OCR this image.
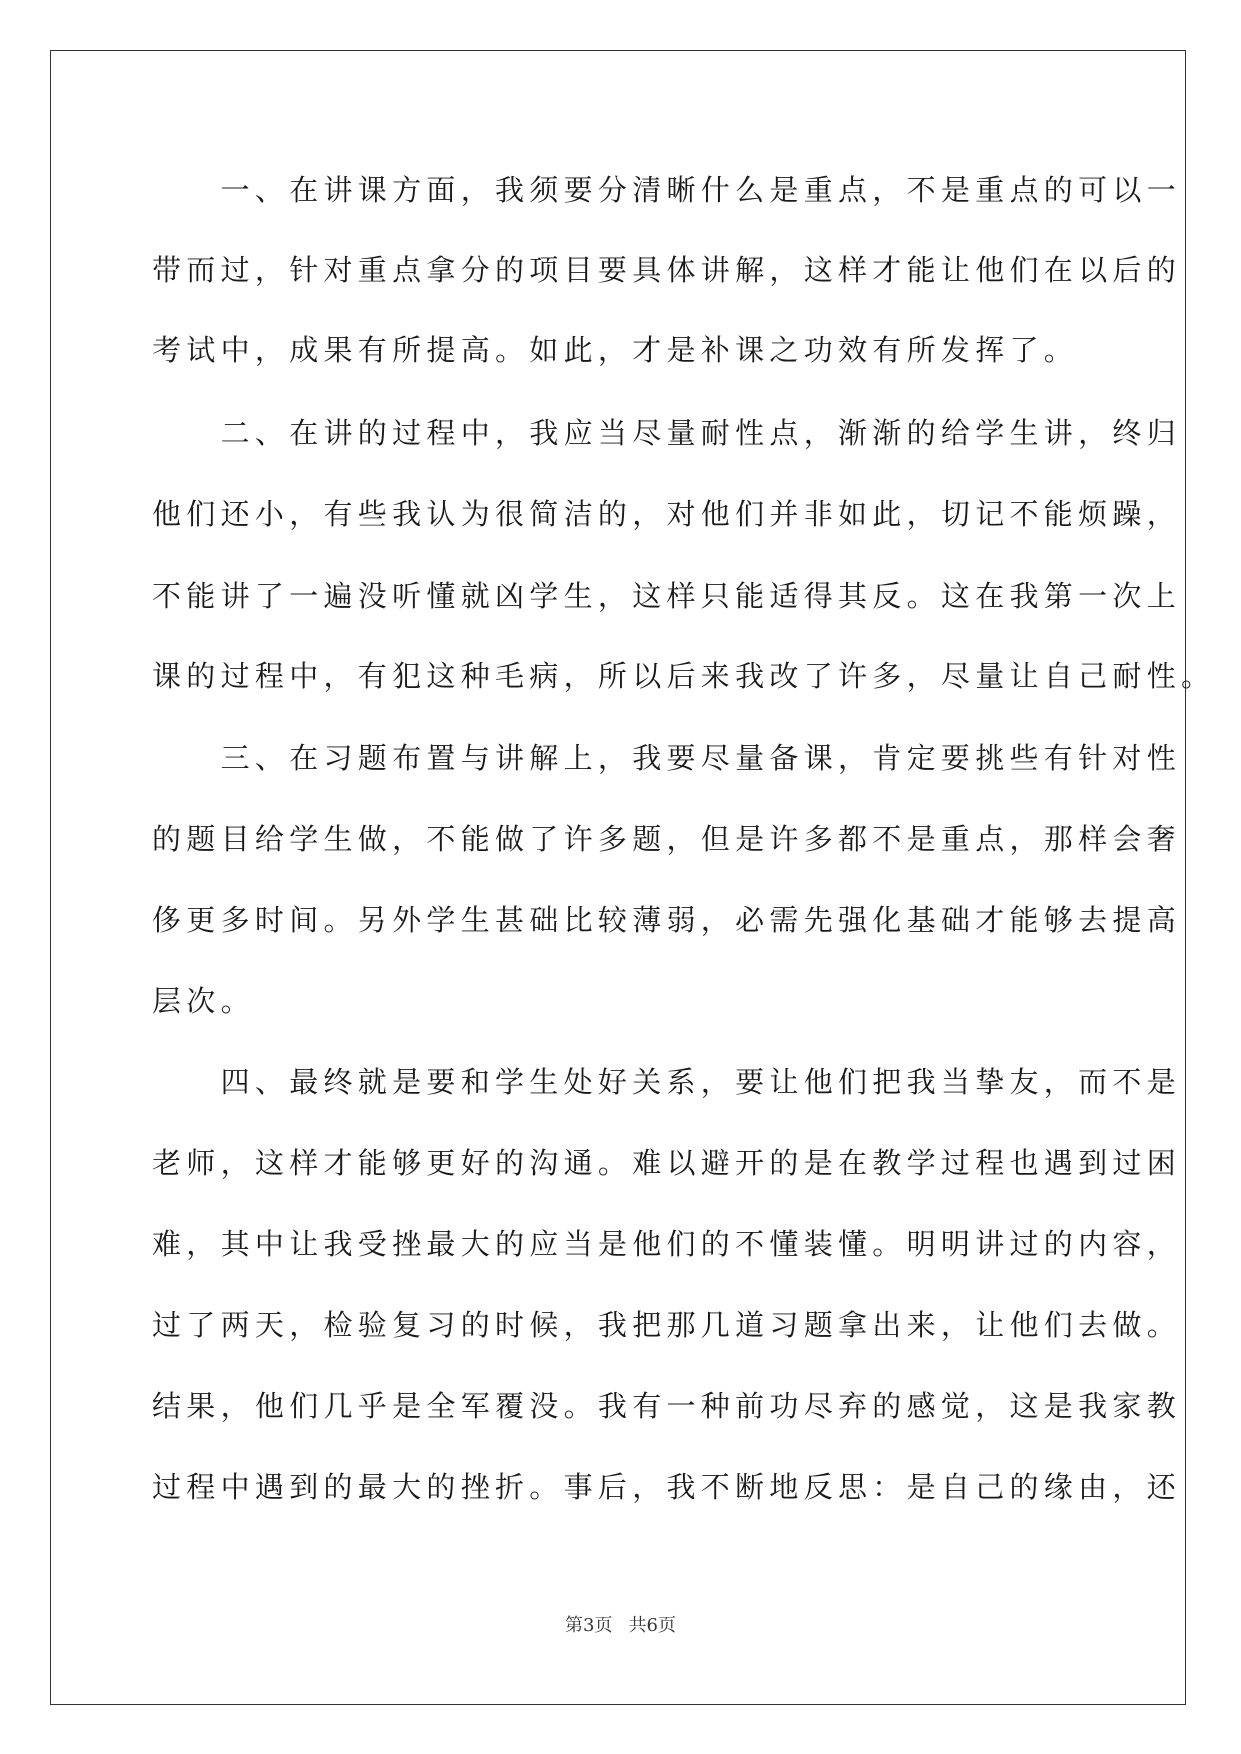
　　一、在讲课方面，我须要分清晰什么是重点，不是重点的可以一
带而过，针对重点拿分的项目要具体讲解，这样才能让他们在以后的
考试中，成果有所提高。如此，才是补课之功效有所发挥了。
　　二、在讲的过程中，我应当尽量耐性点，渐渐的给学生讲，终归
他们还小，有些我认为很简洁的，对他们并非如此，切记不能烦躁，
不能讲了一遍没听懂就凶学生，这样只能适得其反。这在我第一次上
课的过程中，有犯这种毛病，所以后来我改了许多，尽量让自己耐性。
　　三、在习题布置与讲解上，我要尽量备课，肯定要挑些有针对性
的题目给学生做，不能做了许多题，但是许多都不是重点，那样会奢
侈更多时间。另外学生甚础比较薄弱，必需先强化基础才能够去提高
层次。
　　四、最终就是要和学生处好关系，要让他们把我当挚友，而不是
老师，这样才能够更好的沟通。难以避开的是在教学过程也遇到过困
难，其中让我受挫最大的应当是他们的不懂装懂。明明讲过的内容，
过了两天，检验复习的时候，我把那几道习题拿出来，让他们去做。
结果，他们几乎是全军覆没。我有一种前功尽弃的感觉，这是我家教
过程中遇到的最大的挫折。事后，我不断地反思：是自己的缘由，还
第3页 共6页
